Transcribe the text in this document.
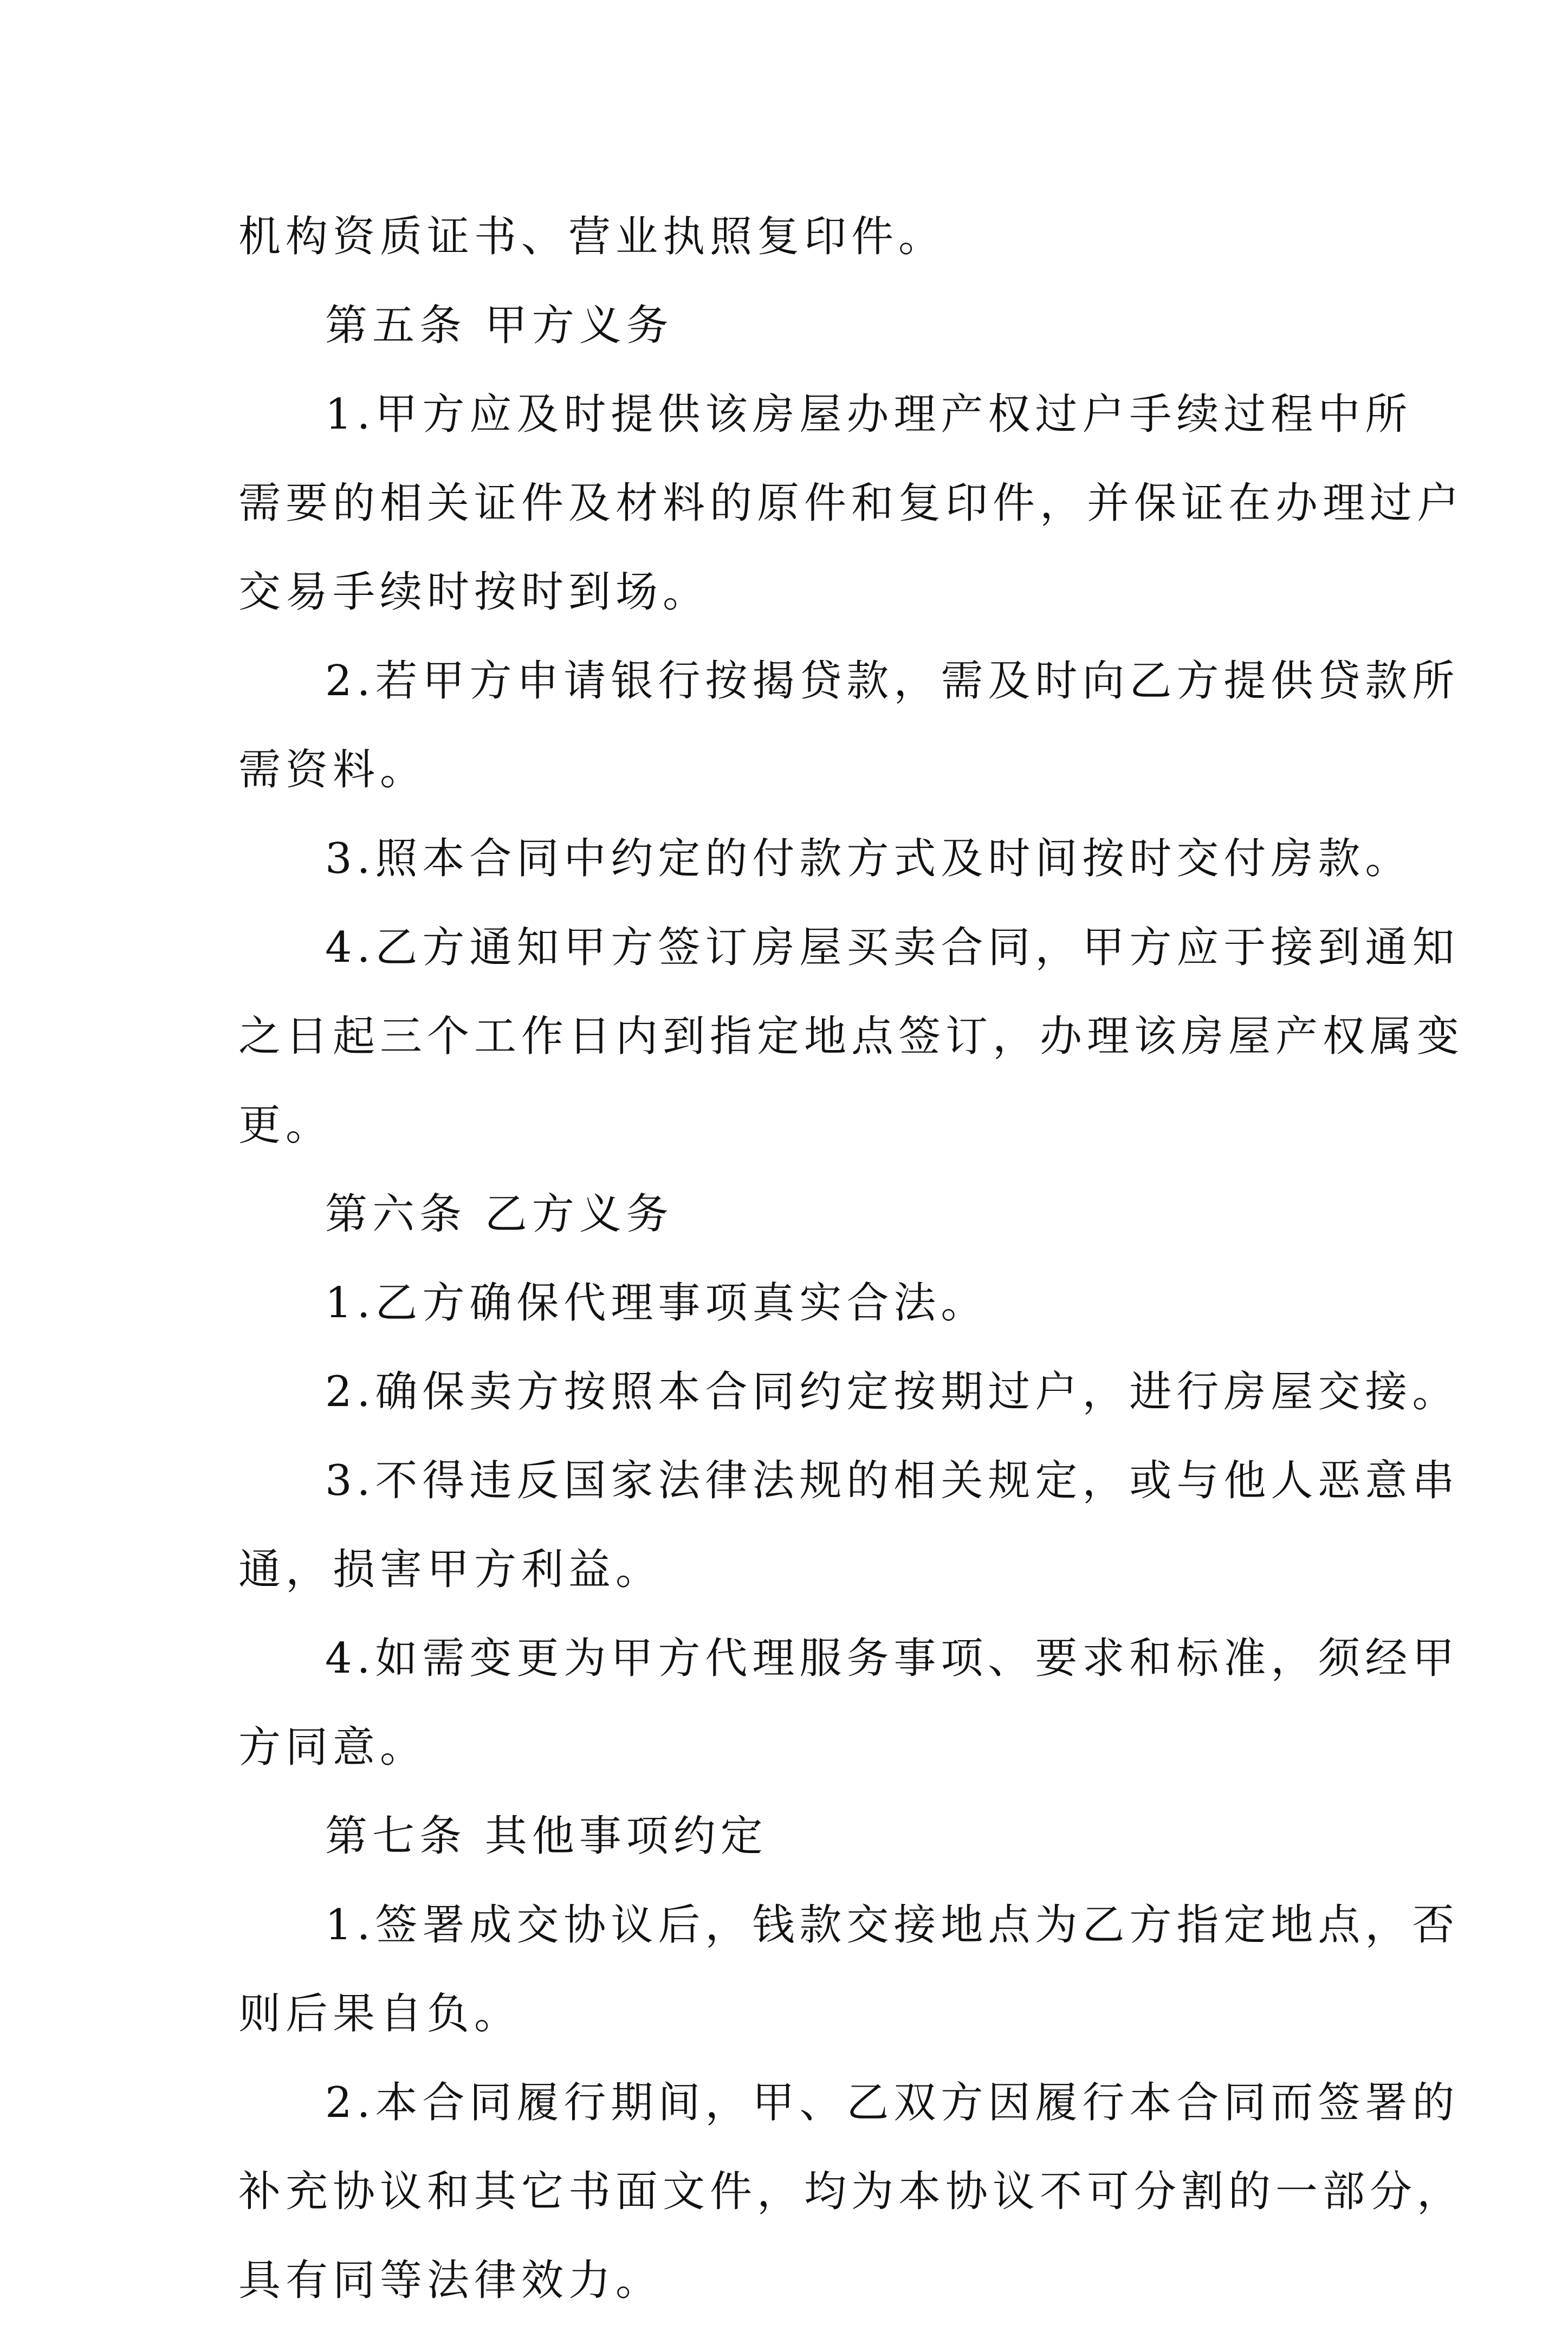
机构资质证书、营业执照复印件。

第五条 甲方义务

1.甲方应及时提供该房屋办理产权过户手续过程中所

需要的相关证件及材料的原件和复印件，并保证在办理过户

交易手续时按时到场。

2.若甲方申请银行按揭贷款，需及时向乙方提供贷款所

需资料。

3.照本合同中约定的付款方式及时间按时交付房款。

4.乙方通知甲方签订房屋买卖合同，甲方应于接到通知

之日起三个工作日内到指定地点签订，办理该房屋产权属变

更。

第六条 乙方义务

1.乙方确保代理事项真实合法。

2.确保卖方按照本合同约定按期过户，进行房屋交接。

3.不得违反国家法律法规的相关规定，或与他人恶意串

通，损害甲方利益。

4.如需变更为甲方代理服务事项、要求和标准，须经甲

方同意。

第七条 其他事项约定

1.签署成交协议后，钱款交接地点为乙方指定地点，否

则后果自负。

2.本合同履行期间，甲、乙双方因履行本合同而签署的

补充协议和其它书面文件，均为本协议不可分割的一部分，

具有同等法律效力。
